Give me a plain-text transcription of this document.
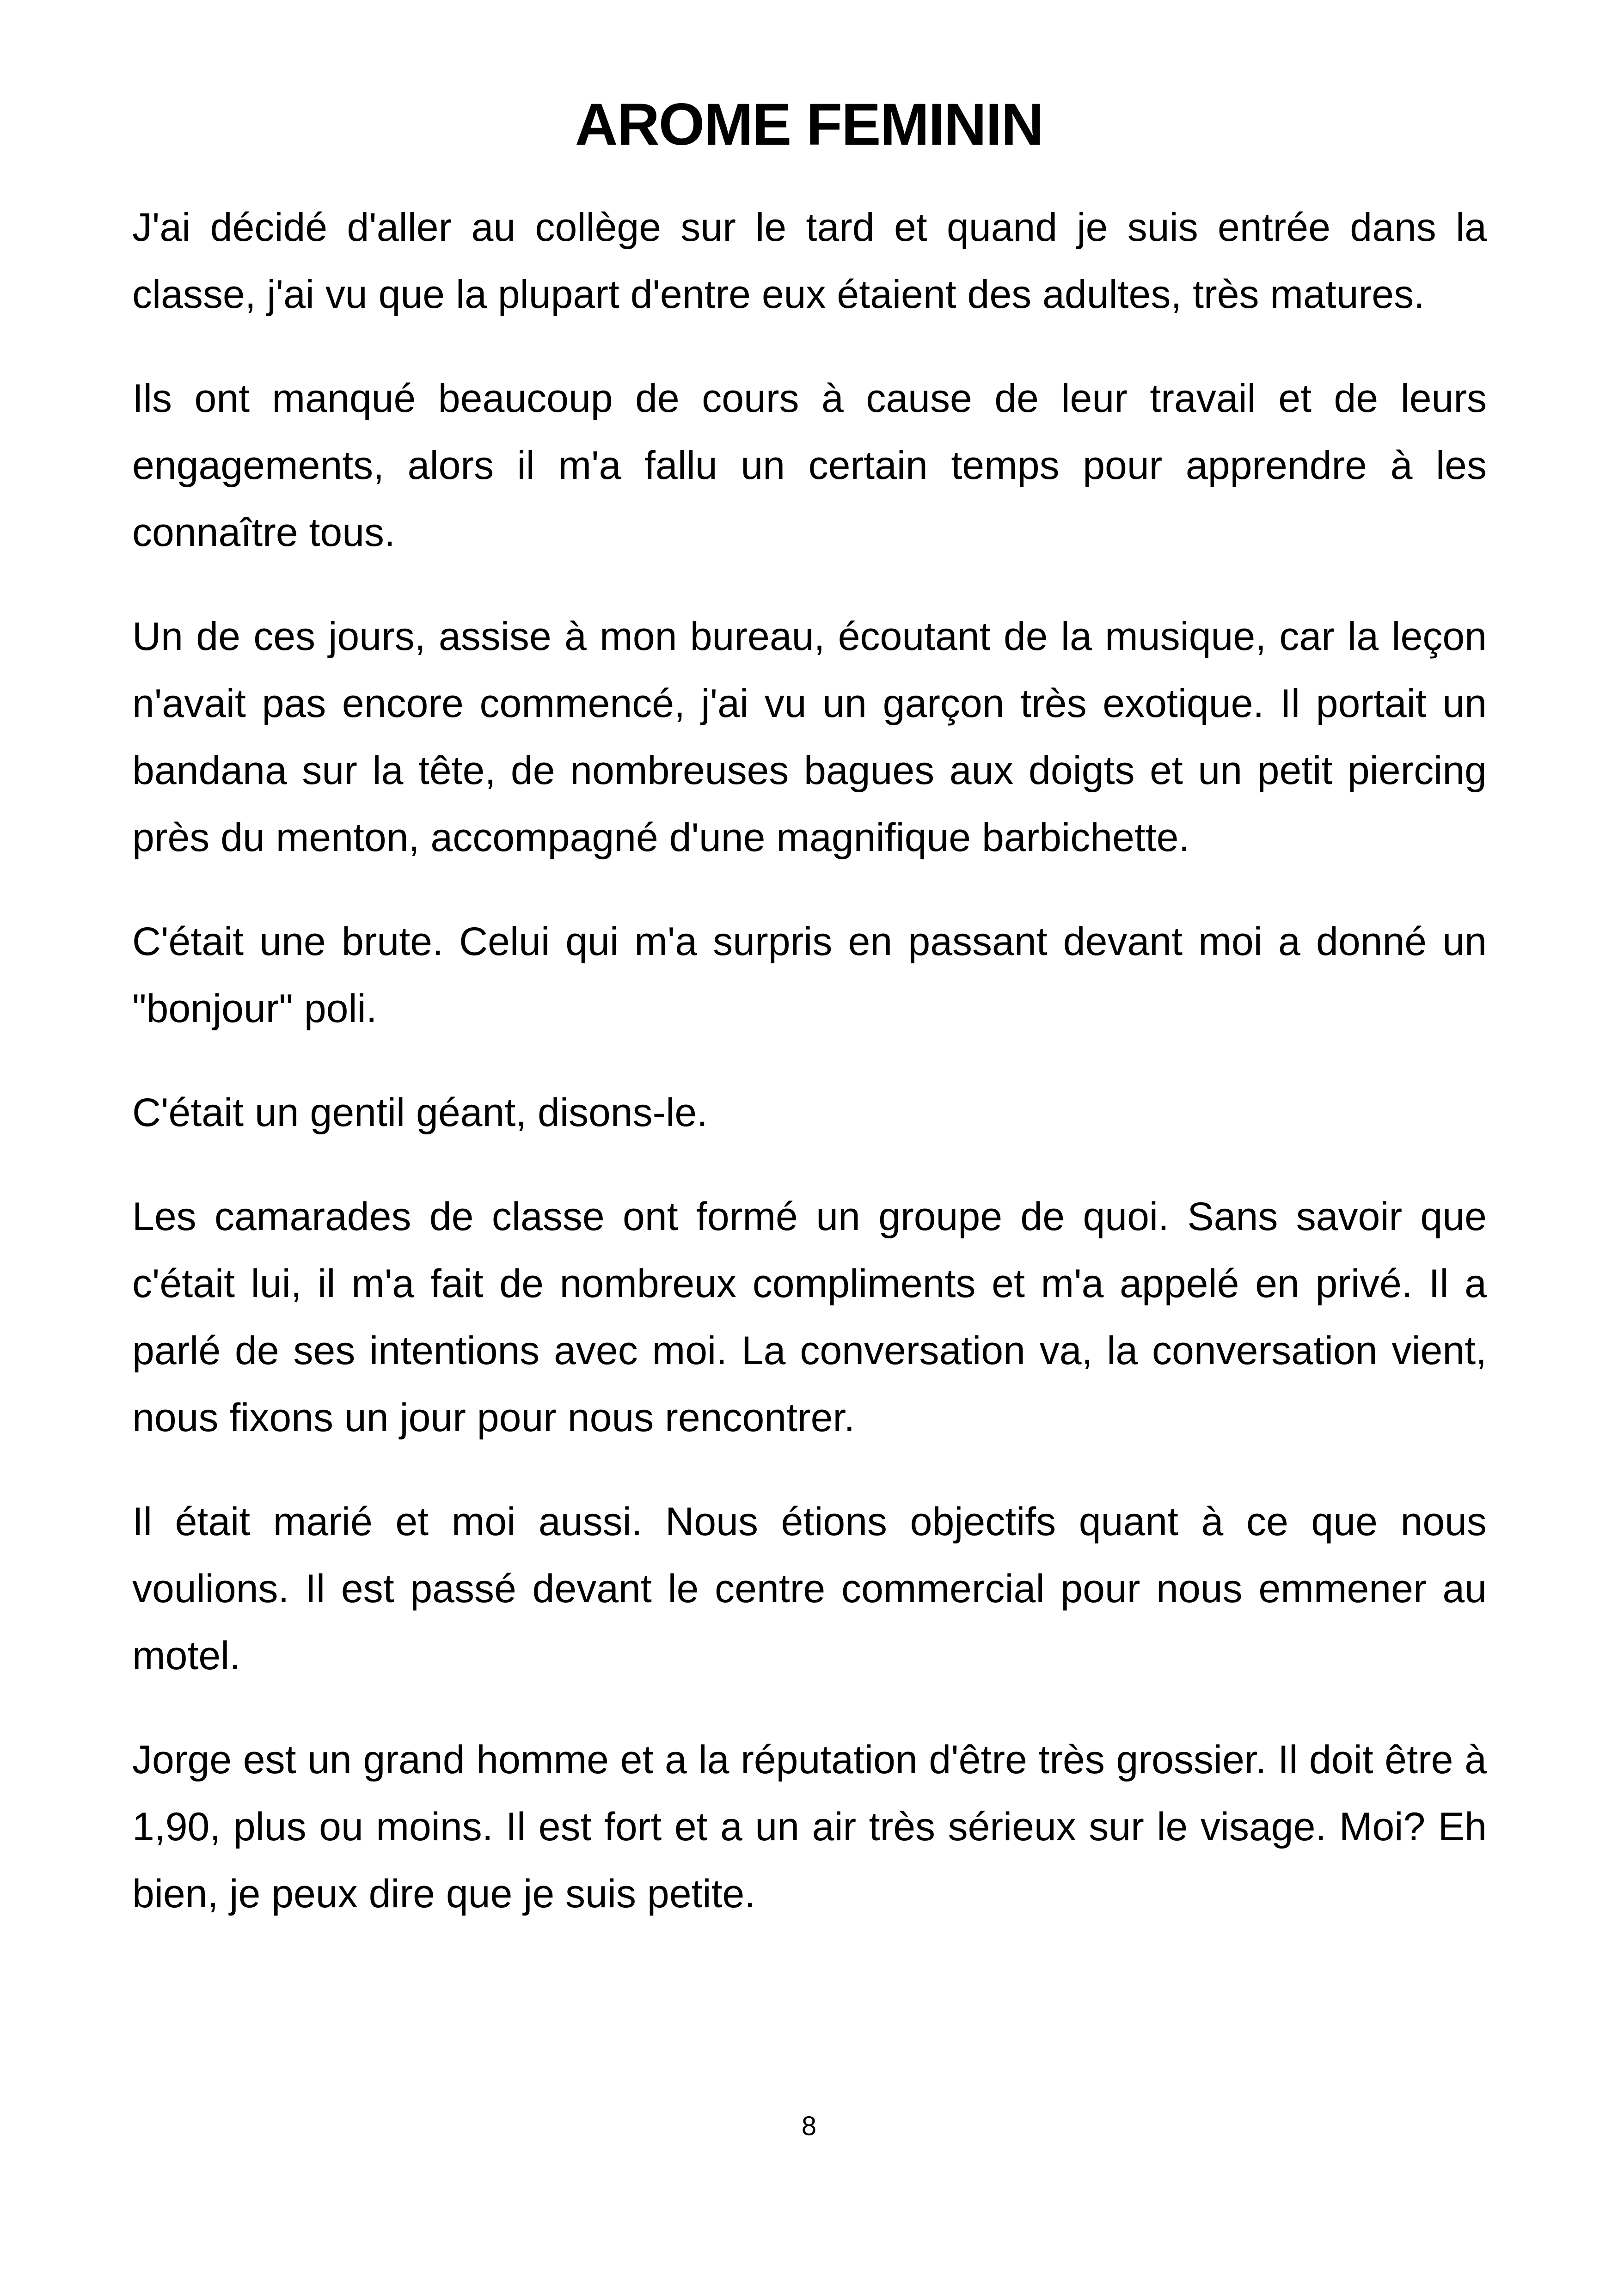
AROME FEMININ

J'ai décidé d'aller au collège sur le tard et quand je suis entrée dans la classe, j'ai vu que la plupart d'entre eux étaient des adultes, très matures.

Ils ont manqué beaucoup de cours à cause de leur travail et de leurs engagements, alors il m'a fallu un certain temps pour apprendre à les connaître tous.

Un de ces jours, assise à mon bureau, écoutant de la musique, car la leçon n'avait pas encore commencé, j'ai vu un garçon très exotique. Il portait un bandana sur la tête, de nombreuses bagues aux doigts et un petit piercing près du menton, accompagné d'une magnifique barbichette.

C'était une brute. Celui qui m'a surpris en passant devant moi a donné un "bonjour" poli.

C'était un gentil géant, disons-le.

Les camarades de classe ont formé un groupe de quoi. Sans savoir que c'était lui, il m'a fait de nombreux compliments et m'a appelé en privé. Il a parlé de ses intentions avec moi. La conversation va, la conversation vient, nous fixons un jour pour nous rencontrer.

Il était marié et moi aussi. Nous étions objectifs quant à ce que nous voulions. Il est passé devant le centre commercial pour nous emmener au motel.

Jorge est un grand homme et a la réputation d'être très grossier. Il doit être à 1,90, plus ou moins. Il est fort et a un air très sérieux sur le visage. Moi? Eh bien, je peux dire que je suis petite.

8
